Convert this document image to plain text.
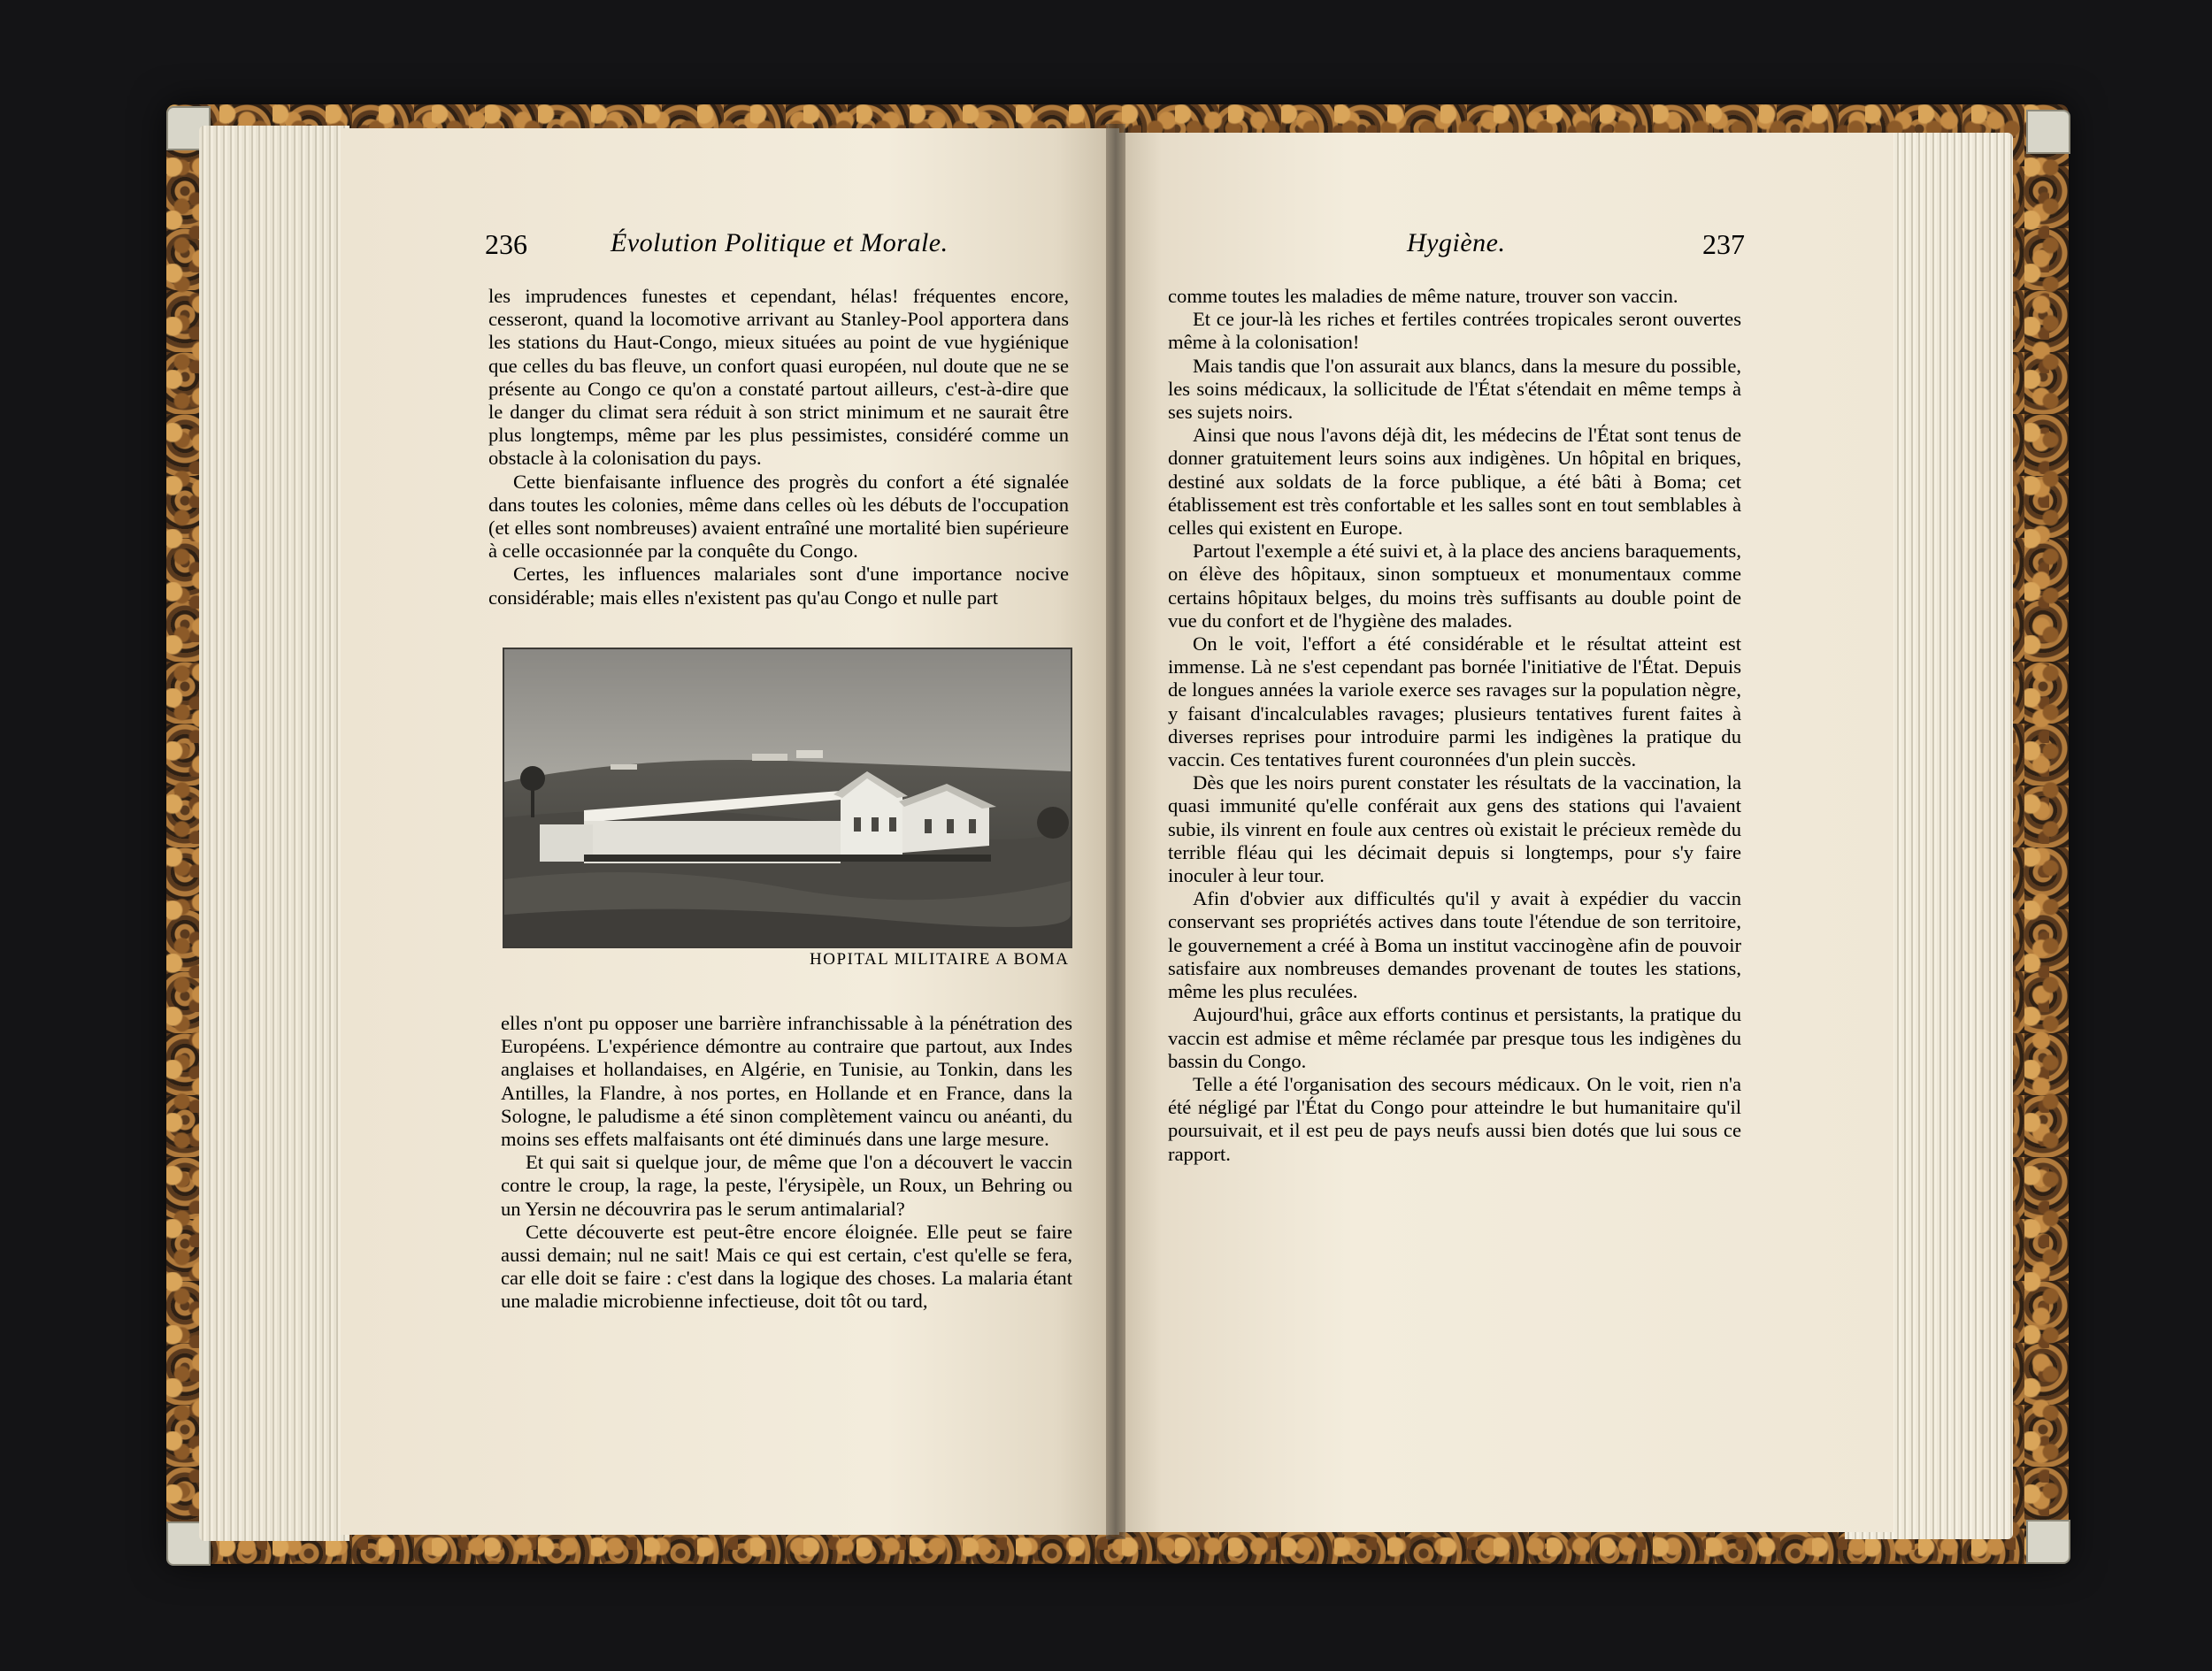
236	Évolution Politique et Morale.

les imprudences funestes et cependant, hélas! fréquentes encore, cesseront, quand la locomotive arrivant au Stanley-Pool apportera dans les stations du Haut-Congo, mieux situées au point de vue hygiénique que celles du bas fleuve, un confort quasi européen, nul doute que ne se présente au Congo ce qu'on a constaté partout ailleurs, c'est-à-dire que le danger du climat sera réduit à son strict minimum et ne saurait être plus longtemps, même par les plus pessimistes, considéré comme un obstacle à la colonisation du pays.

Cette bienfaisante influence des progrès du confort a été signalée dans toutes les colonies, même dans celles où les débuts de l'occupation (et elles sont nombreuses) avaient entraîné une mortalité bien supérieure à celle occasionnée par la conquête du Congo.

Certes, les influences malariales sont d'une importance nocive considérable; mais elles n'existent pas qu'au Congo et nulle part

HOPITAL MILITAIRE A BOMA

elles n'ont pu opposer une barrière infranchissable à la pénétration des Européens. L'expérience démontre au contraire que partout, aux Indes anglaises et hollandaises, en Algérie, en Tunisie, au Tonkin, dans les Antilles, la Flandre, à nos portes, en Hollande et en France, dans la Sologne, le paludisme a été sinon complètement vaincu ou anéanti, du moins ses effets malfaisants ont été diminués dans une large mesure.

Et qui sait si quelque jour, de même que l'on a découvert le vaccin contre le croup, la rage, la peste, l'érysipèle, un Roux, un Behring ou un Yersin ne découvrira pas le serum antimalarial?

Cette découverte est peut-être encore éloignée. Elle peut se faire aussi demain; nul ne sait! Mais ce qui est certain, c'est qu'elle se fera, car elle doit se faire : c'est dans la logique des choses. La malaria étant une maladie microbienne infectieuse, doit tôt ou tard,

Hygiène.	237

comme toutes les maladies de même nature, trouver son vaccin.

Et ce jour-là les riches et fertiles contrées tropicales seront ouvertes même à la colonisation!

Mais tandis que l'on assurait aux blancs, dans la mesure du possible, les soins médicaux, la sollicitude de l'État s'étendait en même temps à ses sujets noirs.

Ainsi que nous l'avons déjà dit, les médecins de l'État sont tenus de donner gratuitement leurs soins aux indigènes. Un hôpital en briques, destiné aux soldats de la force publique, a été bâti à Boma; cet établissement est très confortable et les salles sont en tout semblables à celles qui existent en Europe.

Partout l'exemple a été suivi et, à la place des anciens baraquements, on élève des hôpitaux, sinon somptueux et monumentaux comme certains hôpitaux belges, du moins très suffisants au double point de vue du confort et de l'hygiène des malades.

On le voit, l'effort a été considérable et le résultat atteint est immense. Là ne s'est cependant pas bornée l'initiative de l'État. Depuis de longues années la variole exerce ses ravages sur la population nègre, y faisant d'incalculables ravages; plusieurs tentatives furent faites à diverses reprises pour introduire parmi les indigènes la pratique du vaccin. Ces tentatives furent couronnées d'un plein succès.

Dès que les noirs purent constater les résultats de la vaccination, la quasi immunité qu'elle conférait aux gens des stations qui l'avaient subie, ils vinrent en foule aux centres où existait le précieux remède du terrible fléau qui les décimait depuis si longtemps, pour s'y faire inoculer à leur tour.

Afin d'obvier aux difficultés qu'il y avait à expédier du vaccin conservant ses propriétés actives dans toute l'étendue de son territoire, le gouvernement a créé à Boma un institut vaccinogène afin de pouvoir satisfaire aux nombreuses demandes provenant de toutes les stations, même les plus reculées.

Aujourd'hui, grâce aux efforts continus et persistants, la pratique du vaccin est admise et même réclamée par presque tous les indigènes du bassin du Congo.

Telle a été l'organisation des secours médicaux. On le voit, rien n'a été négligé par l'État du Congo pour atteindre le but humanitaire qu'il poursuivait, et il est peu de pays neufs aussi bien dotés que lui sous ce rapport.
